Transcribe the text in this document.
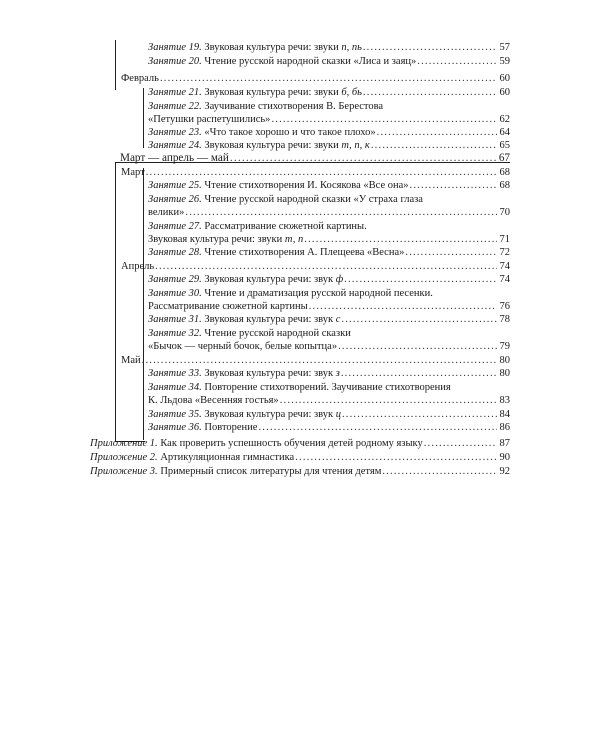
Занятие 19. Звуковая культура речи: звуки п, пь .....	57
Занятие 20. Чтение русской народной сказки «Лиса и заяц» .....	59
Февраль .....	60
Занятие 21. Звуковая культура речи: звуки б, бь .....	60
Занятие 22. Заучивание стихотворения В. Берестова
«Петушки распетушились» .....	62
Занятие 23. «Что такое хорошо и что такое плохо» .....	64
Занятие 24. Звуковая культура речи: звуки т, п, к .....	65
Март — апрель — май .....	67
Март .....	68
Занятие 25. Чтение стихотворения И. Косякова «Все она» .....	68
Занятие 26. Чтение русской народной сказки «У страха глаза
велики» .....	70
Занятие 27. Рассматривание сюжетной картины.
Звуковая культура речи: звуки т, п .....	71
Занятие 28. Чтение стихотворения А. Плещеева «Весна» .....	72
Апрель .....	74
Занятие 29. Звуковая культура речи: звук ф .....	74
Занятие 30. Чтение и драматизация русской народной песенки.
Рассматривание сюжетной картины .....	76
Занятие 31. Звуковая культура речи: звук с .....	78
Занятие 32. Чтение русской народной сказки
«Бычок — черный бочок, белые копытца» .....	79
Май .....	80
Занятие 33. Звуковая культура речи: звук з .....	80
Занятие 34. Повторение стихотворений. Заучивание стихотворения
К. Льдова «Весенняя гостья» .....	83
Занятие 35. Звуковая культура речи: звук ц .....	84
Занятие 36. Повторение .....	86
Приложение 1. Как проверить успешность обучения детей родному языку .....	87
Приложение 2. Артикуляционная гимнастика .....	90
Приложение 3. Примерный список литературы для чтения детям .....	92
